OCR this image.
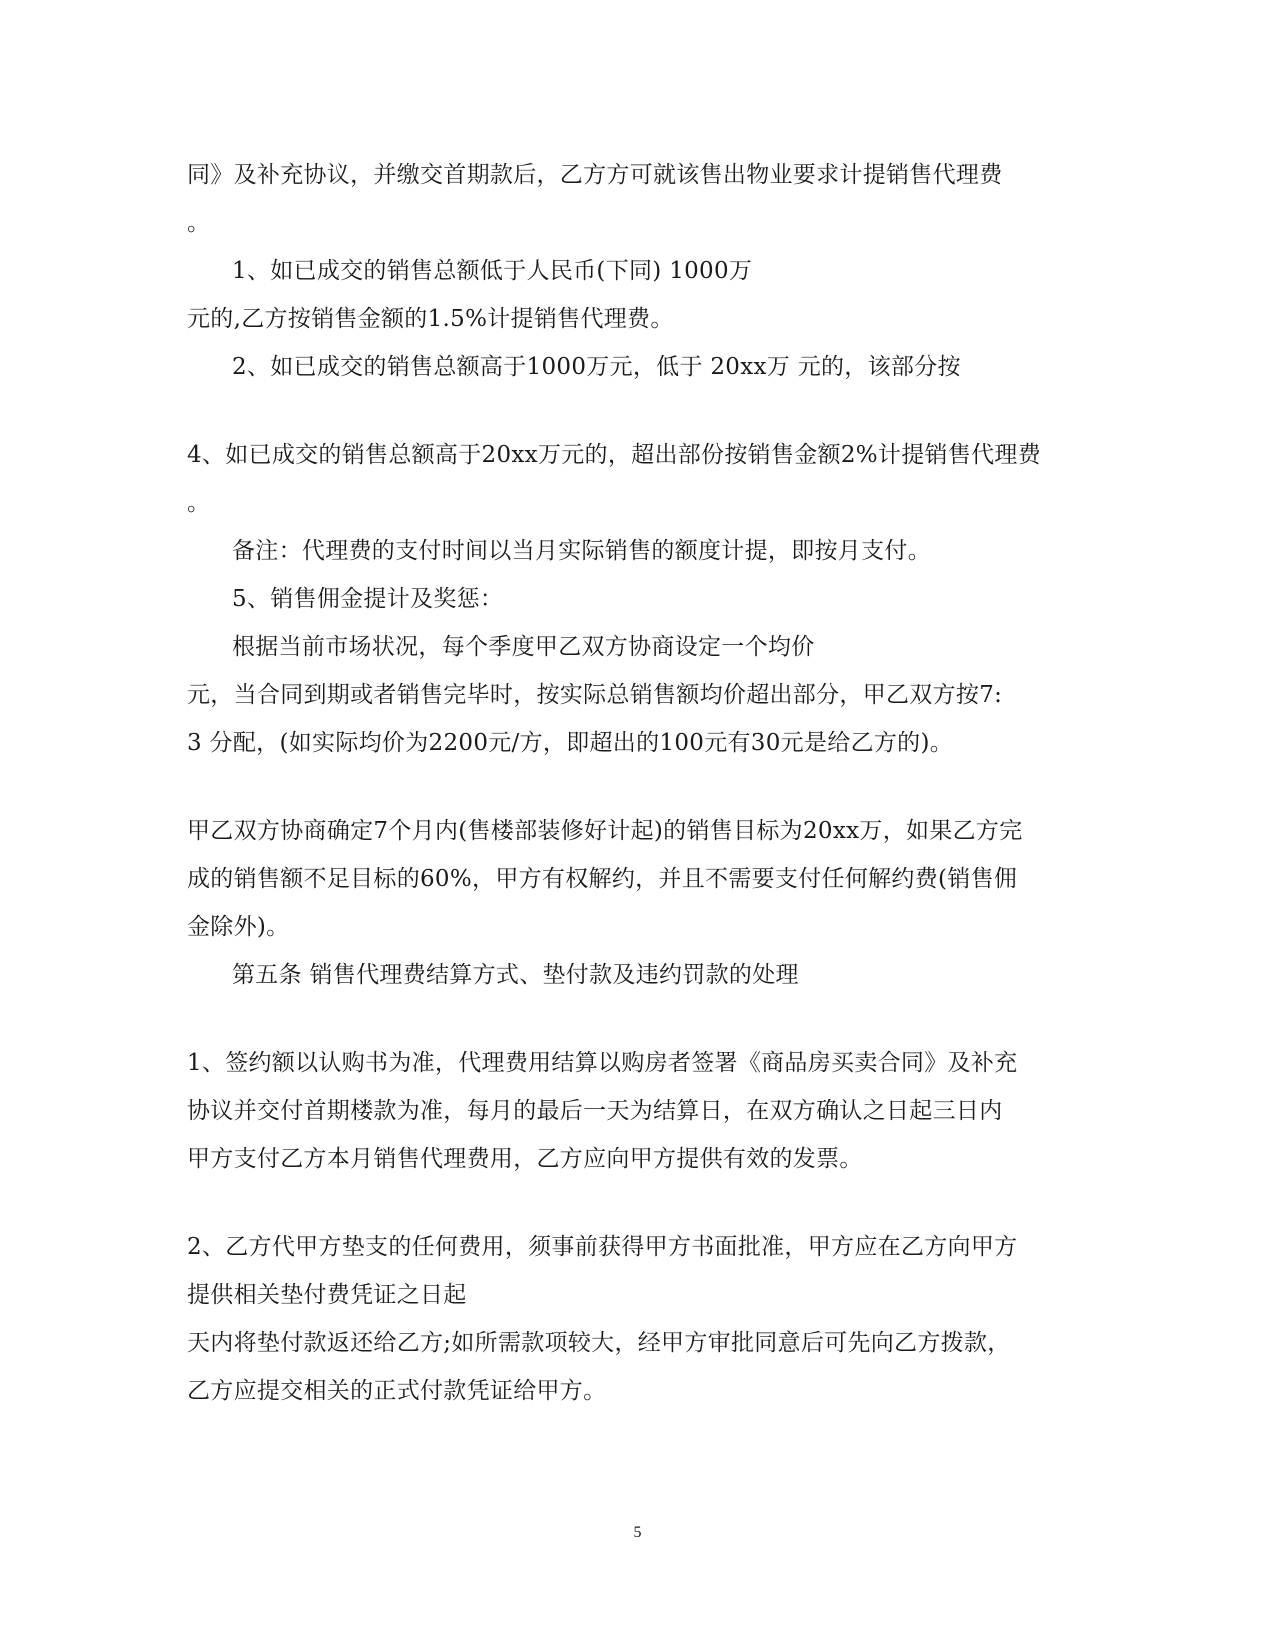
同》及补充协议，并缴交首期款后，乙方方可就该售出物业要求计提销售代理费
。
1、如已成交的销售总额低于人民币(下同) 1000万
元的,乙方按销售金额的1.5%计提销售代理费。
2、如已成交的销售总额高于1000万元，低于 20xx万 元的，该部分按
4、如已成交的销售总额高于20xx万元的，超出部份按销售金额2%计提销售代理费
。
备注：代理费的支付时间以当月实际销售的额度计提，即按月支付。
5、销售佣金提计及奖惩：
根据当前市场状况，每个季度甲乙双方协商设定一个均价
元，当合同到期或者销售完毕时，按实际总销售额均价超出部分，甲乙双方按7:
3 分配，(如实际均价为2200元/方，即超出的100元有30元是给乙方的)。
甲乙双方协商确定7个月内(售楼部装修好计起)的销售目标为20xx万，如果乙方完
成的销售额不足目标的60%，甲方有权解约，并且不需要支付任何解约费(销售佣
金除外)。
第五条 销售代理费结算方式、垫付款及违约罚款的处理
1、签约额以认购书为准，代理费用结算以购房者签署《商品房买卖合同》及补充
协议并交付首期楼款为准，每月的最后一天为结算日，在双方确认之日起三日内
甲方支付乙方本月销售代理费用，乙方应向甲方提供有效的发票。
2、乙方代甲方垫支的任何费用，须事前获得甲方书面批准，甲方应在乙方向甲方
提供相关垫付费凭证之日起
天内将垫付款返还给乙方;如所需款项较大，经甲方审批同意后可先向乙方拨款，
乙方应提交相关的正式付款凭证给甲方。
5
